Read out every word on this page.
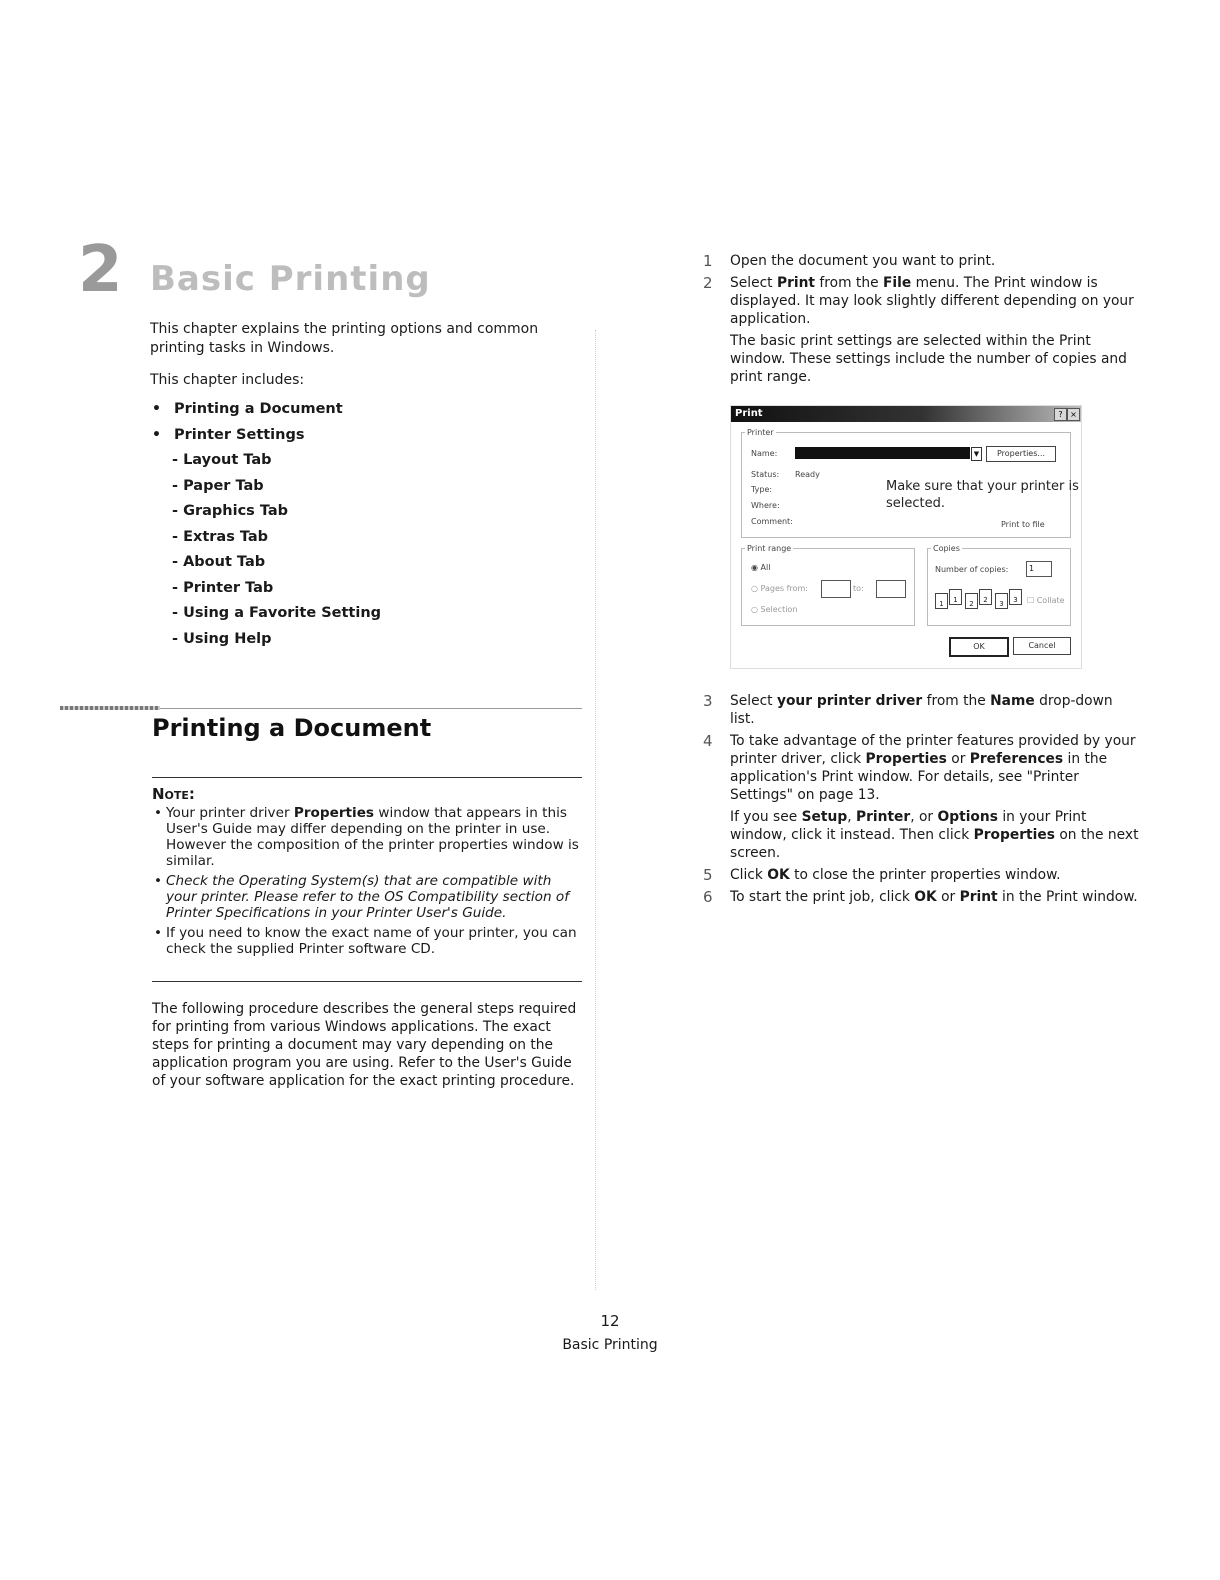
2 Basic Printing
This chapter explains the printing options and common printing tasks in Windows.
This chapter includes:
• Printing a Document
• Printer Settings
- Layout Tab
- Paper Tab
- Graphics Tab
- Extras Tab
- About Tab
- Printer Tab
- Using a Favorite Setting
- Using Help
Printing a Document
Note:
• Your printer driver Properties window that appears in this User's Guide may differ depending on the printer in use. However the composition of the printer properties window is similar.
• Check the Operating System(s) that are compatible with your printer. Please refer to the OS Compatibility section of Printer Specifications in your Printer User's Guide.
• If you need to know the exact name of your printer, you can check the supplied Printer software CD.
The following procedure describes the general steps required for printing from various Windows applications. The exact steps for printing a document may vary depending on the application program you are using. Refer to the User's Guide of your software application for the exact printing procedure.
1 Open the document you want to print.

2 Select Print from the File menu. The Print window is displayed. It may look slightly different depending on your application.

The basic print settings are selected within the Print window. These settings include the number of copies and print range.

Print	? ×
Printer
Name:	▼	Properties...
Status: Ready
Type:
Where:
Comment:
Make sure that your printer is selected.
Print to file
Print range
◉ All
○ Pages from:	to:
○ Selection
Copies
Number of copies:	1
1	1	2	2	3	3	☐ Collate
OK	Cancel
3 Select your printer driver from the Name drop-down list.

4 To take advantage of the printer features provided by your printer driver, click Properties or Preferences in the application's Print window. For details, see "Printer Settings" on page 13.

If you see Setup, Printer, or Options in your Print window, click it instead. Then click Properties on the next screen.

5 Click OK to close the printer properties window.

6 To start the print job, click OK or Print in the Print window.

12
Basic Printing
